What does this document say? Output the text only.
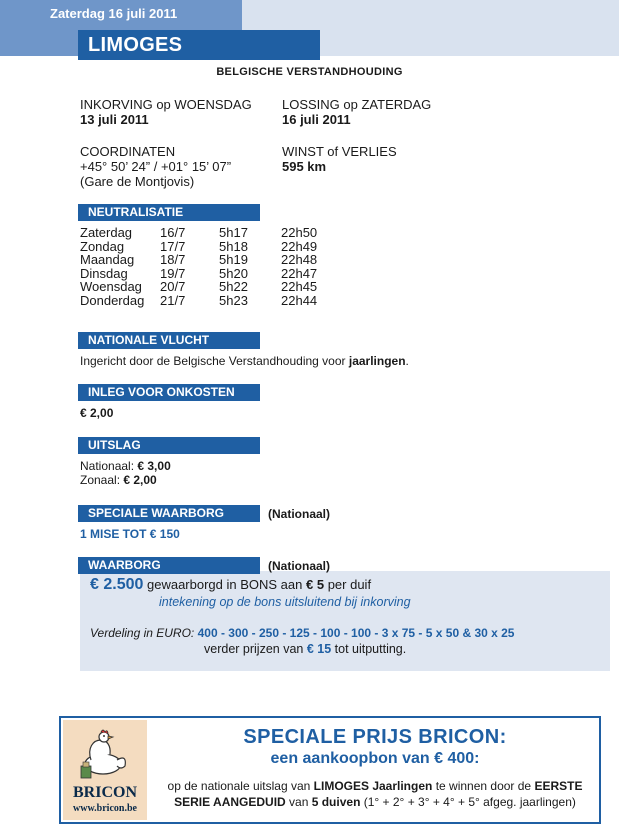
Zaterdag 16 juli 2011
LIMOGES JAARLINGEN
BELGISCHE VERSTANDHOUDING
INKORVING op WOENSDAG
13 juli 2011
LOSSING op ZATERDAG
16 juli 2011
COORDINATEN
+45° 50’ 24” / +01° 15’ 07”
(Gare de Montjovis)
WINST of VERLIES
595 km
NEUTRALISATIE
Zaterdag	16/7	5h17	22h50
Zondag	17/7	5h18	22h49
Maandag	18/7	5h19	22h48
Dinsdag	19/7	5h20	22h47
Woensdag	20/7	5h22	22h45
Donderdag	21/7	5h23	22h44
NATIONALE VLUCHT
Ingericht door de Belgische Verstandhouding voor jaarlingen.
INLEG VOOR ONKOSTEN
€ 2,00
UITSLAG
Nationaal: € 3,00
Zonaal: € 2,00
SPECIALE WAARBORG	(Nationaal)
1 MISE TOT € 150
WAARBORG	(Nationaal)
€ 2.500 gewaarborgd in BONS aan € 5 per duif
intekening op de bons uitsluitend bij inkorving
Verdeling in EURO: 400 - 300 - 250 - 125 - 100 - 100 - 3 x 75 - 5 x 50 & 30 x 25
verder prijzen van € 15 tot uitputting.
BRICON
www.bricon.be
SPECIALE PRIJS BRICON:
een aankoopbon van € 400:
op de nationale uitslag van LIMOGES Jaarlingen te winnen door de EERSTE
SERIE AANGEDUID van 5 duiven (1° + 2° + 3° + 4° + 5° afgeg. jaarlingen)
